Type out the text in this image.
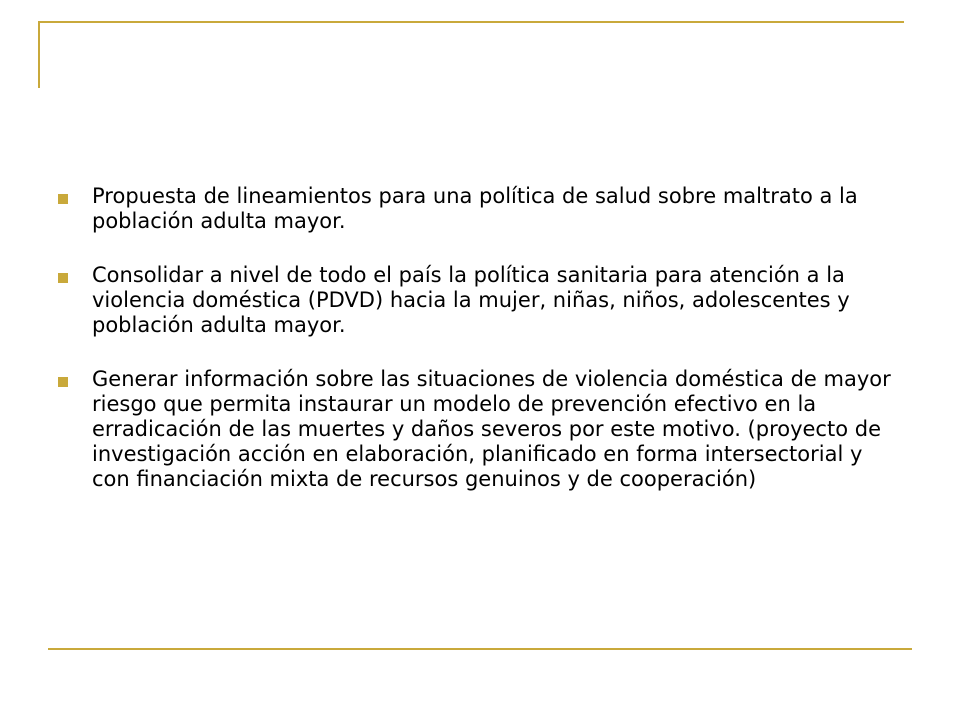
Propuesta de lineamientos para una política de salud sobre maltrato a la población adulta mayor.
Consolidar a nivel de todo el país la política sanitaria para atención a la violencia doméstica (PDVD) hacia la mujer, niñas, niños, adolescentes y población adulta mayor.
Generar información sobre las situaciones de violencia doméstica de mayor riesgo que permita instaurar un modelo de prevención efectivo en la erradicación de las muertes y daños severos por este motivo. (proyecto de investigación acción en elaboración, planificado en forma intersectorial y con financiación mixta de recursos genuinos y de cooperación)
